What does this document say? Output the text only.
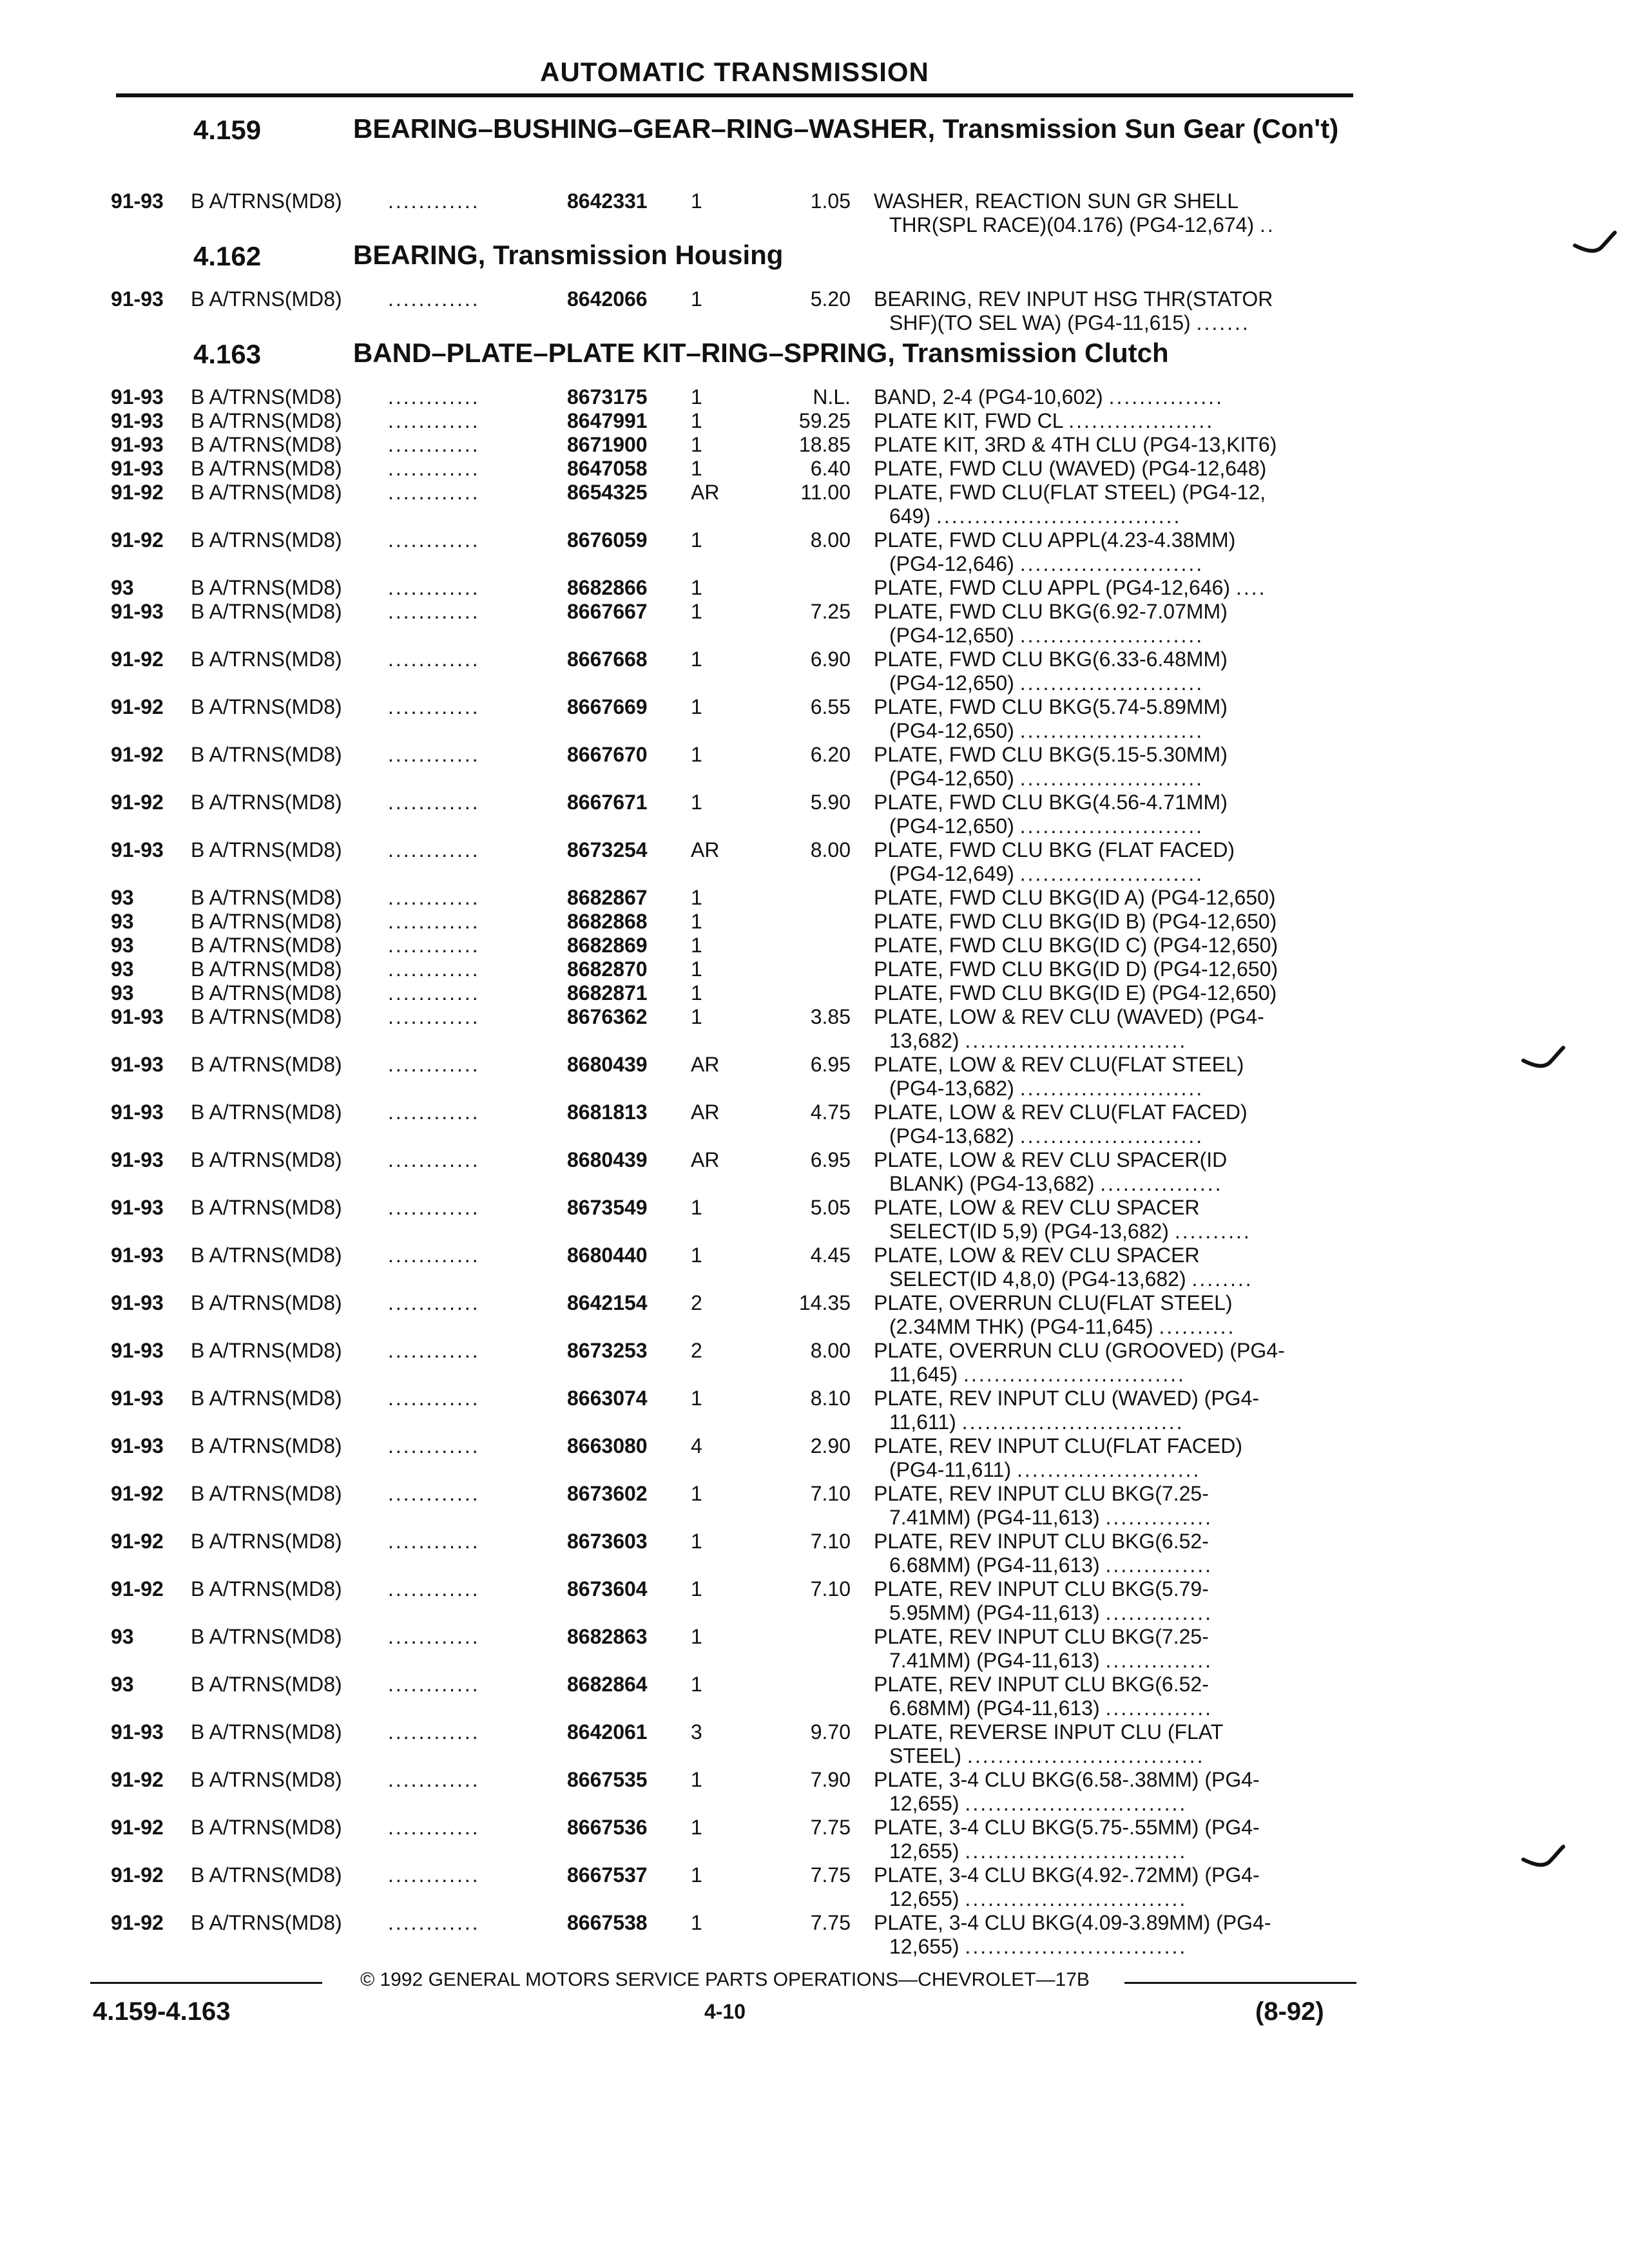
AUTOMATIC TRANSMISSION
4.159	BEARING–BUSHING–GEAR–RING–WASHER, Transmission Sun Gear (Con't)
91-93 B A/TRNS(MD8) ............	8642331 1	1.05 WASHER, REACTION SUN GR SHELL
THR(SPL RACE)(04.176) (PG4-12,674) ..
4.162	BEARING, Transmission Housing
91-93 B A/TRNS(MD8) ............	8642066 1	5.20 BEARING, REV INPUT HSG THR(STATOR
SHF)(TO SEL WA) (PG4-11,615) .......
4.163	BAND–PLATE–PLATE KIT–RING–SPRING, Transmission Clutch
91-93 B A/TRNS(MD8) ............	8673175 1	N.L. BAND, 2-4 (PG4-10,602) ...............
91-93 B A/TRNS(MD8) ............	8647991 1	59.25 PLATE KIT, FWD CL ...................
91-93 B A/TRNS(MD8) ............	8671900 1	18.85 PLATE KIT, 3RD & 4TH CLU (PG4-13,KIT6)
91-93 B A/TRNS(MD8) ............	8647058 1	6.40 PLATE, FWD CLU (WAVED) (PG4-12,648)
91-92 B A/TRNS(MD8) ............	8654325 AR	11.00 PLATE, FWD CLU(FLAT STEEL) (PG4-12,
649) ................................
91-92 B A/TRNS(MD8) ............	8676059 1	8.00 PLATE, FWD CLU APPL(4.23-4.38MM)
(PG4-12,646) ........................
93	B A/TRNS(MD8) ............	8682866 1	PLATE, FWD CLU APPL (PG4-12,646) ....
91-93 B A/TRNS(MD8) ............	8667667 1	7.25 PLATE, FWD CLU BKG(6.92-7.07MM)
(PG4-12,650) ........................
91-92 B A/TRNS(MD8) ............	8667668 1	6.90 PLATE, FWD CLU BKG(6.33-6.48MM)
(PG4-12,650) ........................
91-92 B A/TRNS(MD8) ............	8667669 1	6.55 PLATE, FWD CLU BKG(5.74-5.89MM)
(PG4-12,650) ........................
91-92 B A/TRNS(MD8) ............	8667670 1	6.20 PLATE, FWD CLU BKG(5.15-5.30MM)
(PG4-12,650) ........................
91-92 B A/TRNS(MD8) ............	8667671 1	5.90 PLATE, FWD CLU BKG(4.56-4.71MM)
(PG4-12,650) ........................
91-93 B A/TRNS(MD8) ............	8673254 AR	8.00 PLATE, FWD CLU BKG (FLAT FACED)
(PG4-12,649) ........................
93	B A/TRNS(MD8) ............	8682867 1	PLATE, FWD CLU BKG(ID A) (PG4-12,650)
93	B A/TRNS(MD8) ............	8682868 1	PLATE, FWD CLU BKG(ID B) (PG4-12,650)
93	B A/TRNS(MD8) ............	8682869 1	PLATE, FWD CLU BKG(ID C) (PG4-12,650)
93	B A/TRNS(MD8) ............	8682870 1	PLATE, FWD CLU BKG(ID D) (PG4-12,650)
93	B A/TRNS(MD8) ............	8682871 1	PLATE, FWD CLU BKG(ID E) (PG4-12,650)
91-93 B A/TRNS(MD8) ............	8676362 1	3.85 PLATE, LOW & REV CLU (WAVED) (PG4-
13,682) .............................
91-93 B A/TRNS(MD8) ............	8680439 AR	6.95 PLATE, LOW & REV CLU(FLAT STEEL)
(PG4-13,682) ........................
91-93 B A/TRNS(MD8) ............	8681813 AR	4.75 PLATE, LOW & REV CLU(FLAT FACED)
(PG4-13,682) ........................
91-93 B A/TRNS(MD8) ............	8680439 AR	6.95 PLATE, LOW & REV CLU SPACER(ID
BLANK) (PG4-13,682) ................
91-93 B A/TRNS(MD8) ............	8673549 1	5.05 PLATE, LOW & REV CLU SPACER
SELECT(ID 5,9) (PG4-13,682) ..........
91-93 B A/TRNS(MD8) ............	8680440 1	4.45 PLATE, LOW & REV CLU SPACER
SELECT(ID 4,8,0) (PG4-13,682) ........
91-93 B A/TRNS(MD8) ............	8642154 2	14.35 PLATE, OVERRUN CLU(FLAT STEEL)
(2.34MM THK) (PG4-11,645) ..........
91-93 B A/TRNS(MD8) ............	8673253 2	8.00 PLATE, OVERRUN CLU (GROOVED) (PG4-
11,645) .............................
91-93 B A/TRNS(MD8) ............	8663074 1	8.10 PLATE, REV INPUT CLU (WAVED) (PG4-
11,611) .............................
91-93 B A/TRNS(MD8) ............	8663080 4	2.90 PLATE, REV INPUT CLU(FLAT FACED)
(PG4-11,611) ........................
91-92 B A/TRNS(MD8) ............	8673602 1	7.10 PLATE, REV INPUT CLU BKG(7.25-
7.41MM) (PG4-11,613) ..............
91-92 B A/TRNS(MD8) ............	8673603 1	7.10 PLATE, REV INPUT CLU BKG(6.52-
6.68MM) (PG4-11,613) ..............
91-92 B A/TRNS(MD8) ............	8673604 1	7.10 PLATE, REV INPUT CLU BKG(5.79-
5.95MM) (PG4-11,613) ..............
93	B A/TRNS(MD8) ............	8682863 1	PLATE, REV INPUT CLU BKG(7.25-
7.41MM) (PG4-11,613) ..............
93	B A/TRNS(MD8) ............	8682864 1	PLATE, REV INPUT CLU BKG(6.52-
6.68MM) (PG4-11,613) ..............
91-93 B A/TRNS(MD8) ............	8642061 3	9.70 PLATE, REVERSE INPUT CLU (FLAT
STEEL) ...............................
91-92 B A/TRNS(MD8) ............	8667535 1	7.90 PLATE, 3-4 CLU BKG(6.58-.38MM) (PG4-
12,655) .............................
91-92 B A/TRNS(MD8) ............	8667536 1	7.75 PLATE, 3-4 CLU BKG(5.75-.55MM) (PG4-
12,655) .............................
91-92 B A/TRNS(MD8) ............	8667537 1	7.75 PLATE, 3-4 CLU BKG(4.92-.72MM) (PG4-
12,655) .............................
91-92 B A/TRNS(MD8) ............	8667538 1	7.75 PLATE, 3-4 CLU BKG(4.09-3.89MM) (PG4-
12,655) .............................
© 1992 GENERAL MOTORS SERVICE PARTS OPERATIONS—CHEVROLET—17B
4.159-4.163	4-10	(8-92)
